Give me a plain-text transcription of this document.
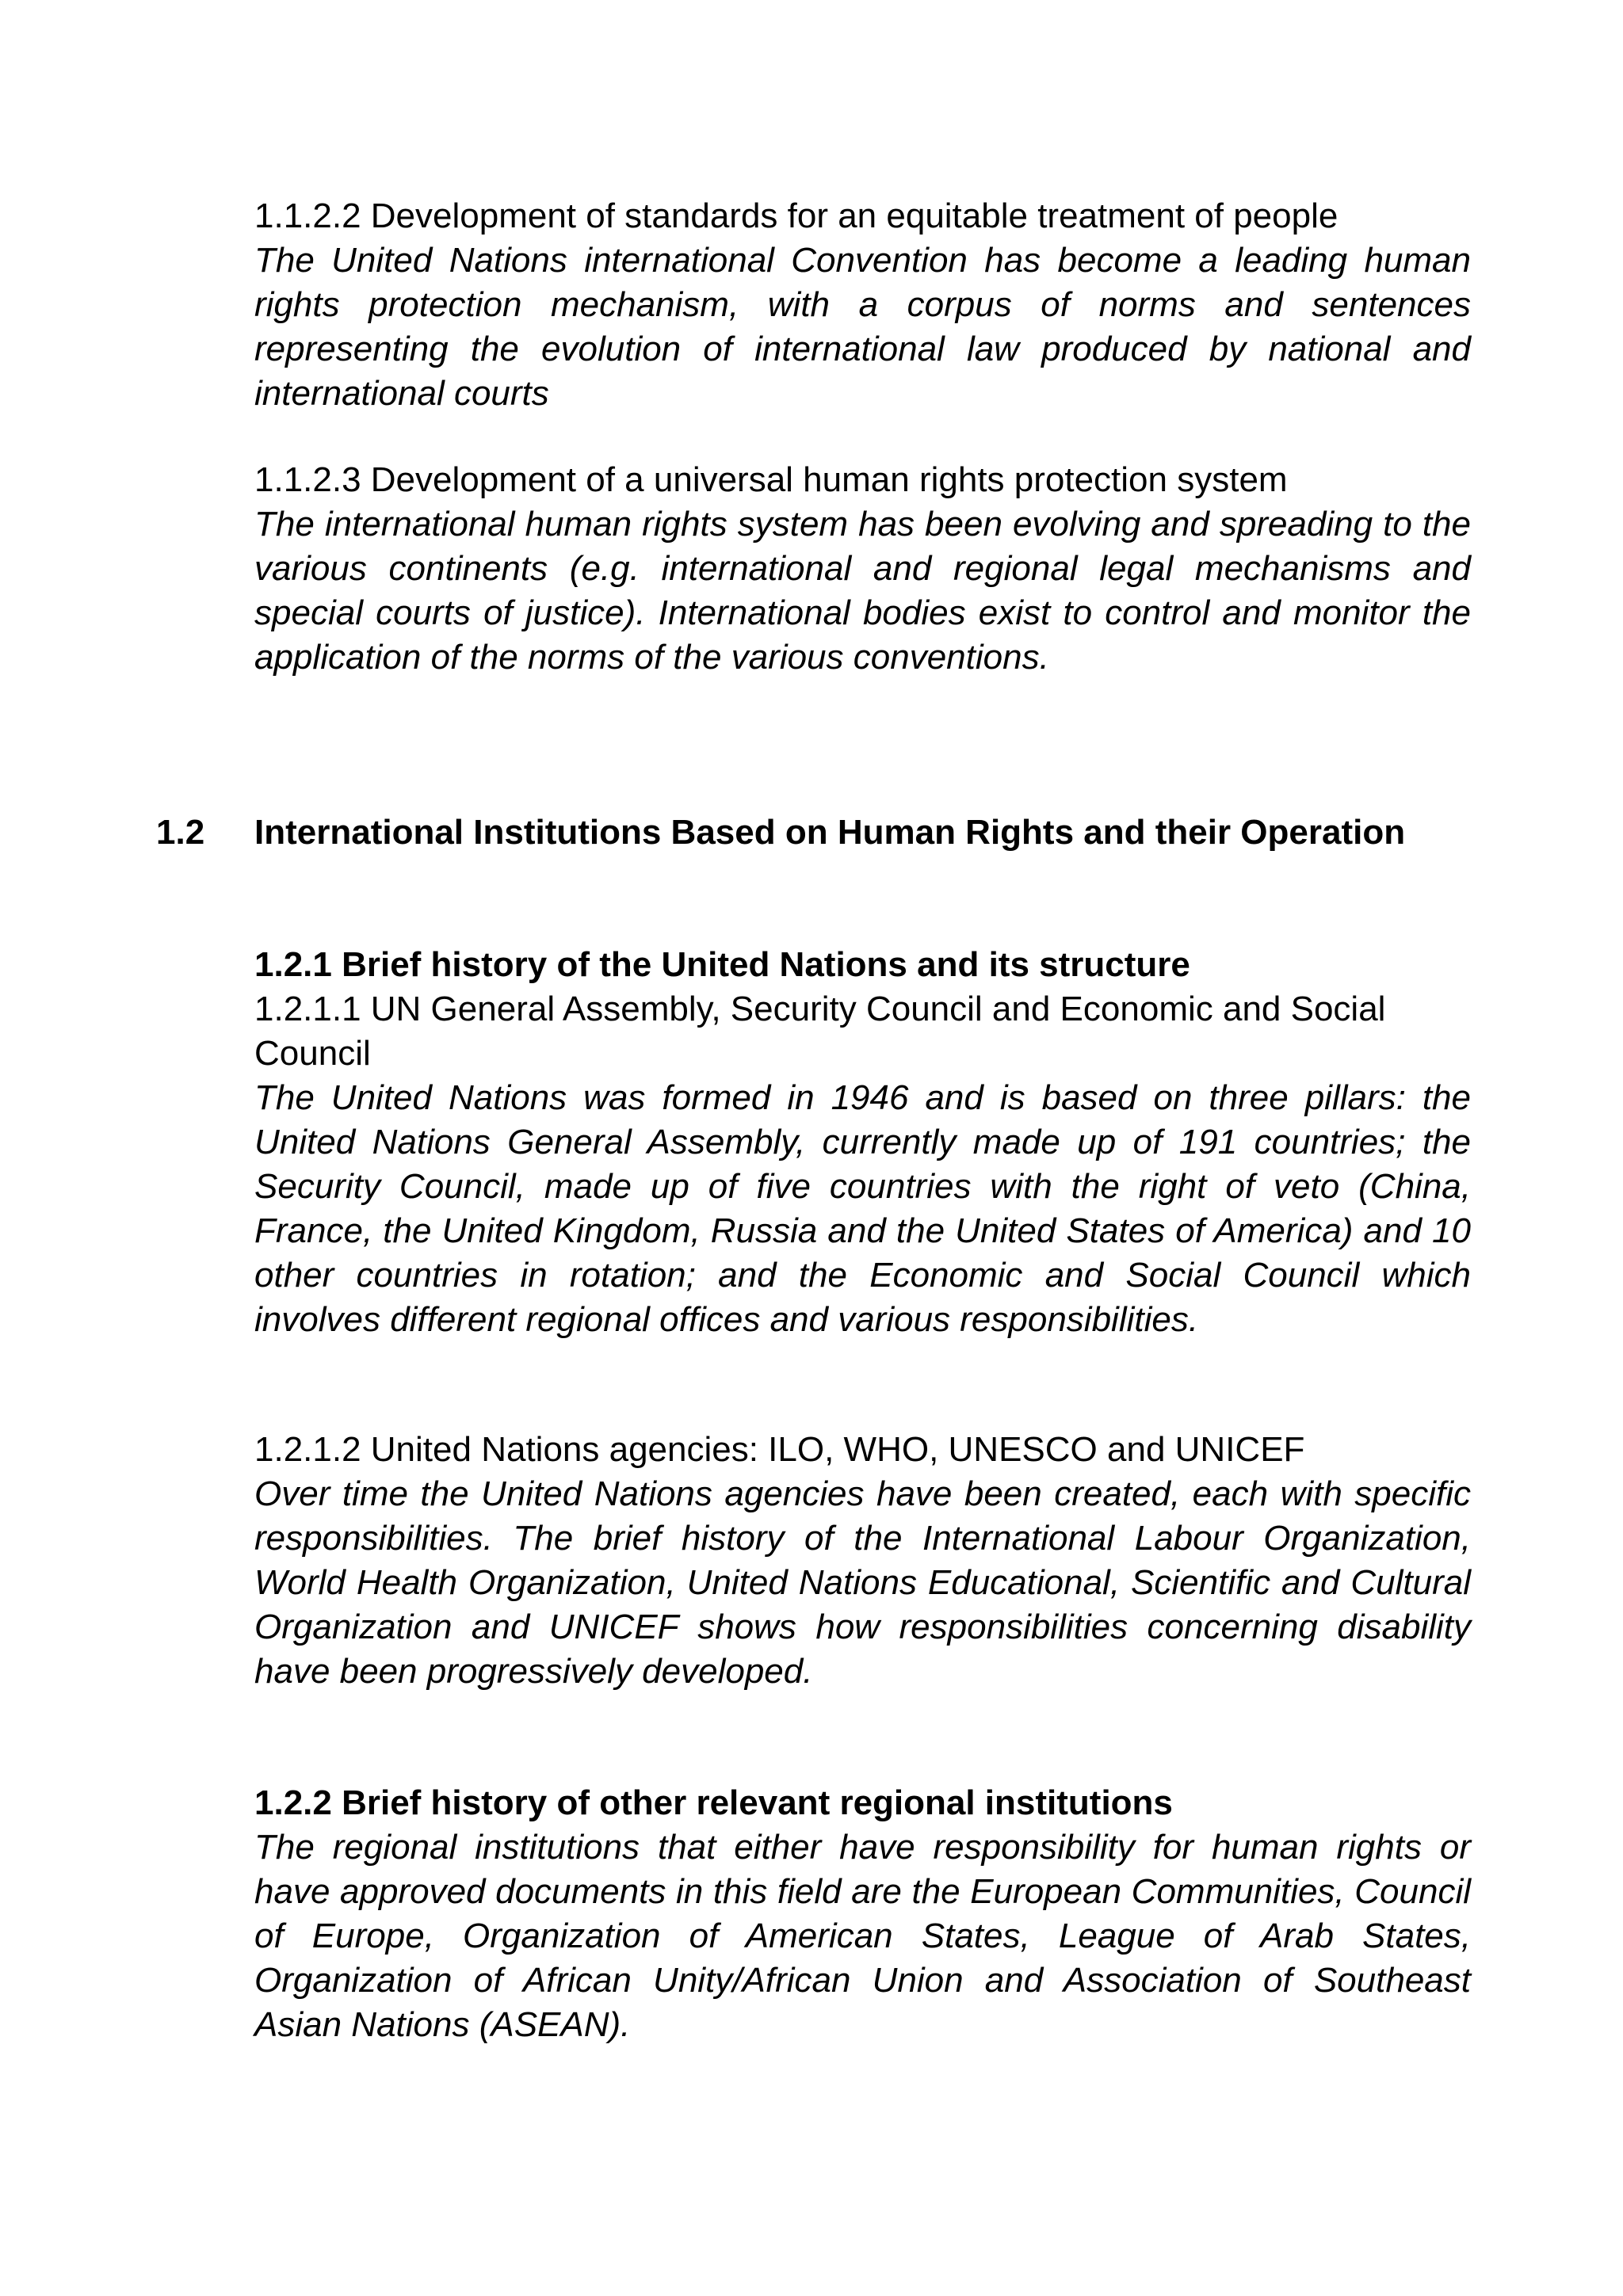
1.1.2.2 Development of standards for an equitable treatment of people

The United Nations international Convention has become a leading human rights protection mechanism, with a corpus of norms and sentences representing the evolution of international law produced by national and international courts

1.1.2.3 Development of a universal human rights protection system

The international human rights system has been evolving and spreading to the various continents (e.g. international and regional legal mechanisms and special courts of justice). International bodies exist to control and monitor the application of the norms of the various conventions.

1.2	International Institutions Based on Human Rights and their Operation

1.2.1 Brief history of the United Nations and its structure

1.2.1.1 UN General Assembly, Security Council and Economic and Social Council

The United Nations was formed in 1946 and is based on three pillars: the United Nations General Assembly, currently made up of 191 countries; the Security Council, made up of five countries with the right of veto (China, France, the United Kingdom, Russia and the United States of America) and 10 other countries in rotation; and the Economic and Social Council which involves different regional offices and various responsibilities.

1.2.1.2 United Nations agencies: ILO, WHO, UNESCO and UNICEF

Over time the United Nations agencies have been created, each with specific responsibilities. The brief history of the International Labour Organization, World Health Organization, United Nations Educational, Scientific and Cultural Organization and UNICEF shows how responsibilities concerning disability have been progressively developed.

1.2.2 Brief history of other relevant regional institutions

The regional institutions that either have responsibility for human rights or have approved documents in this field are the European Communities, Council of Europe, Organization of American States, League of Arab States, Organization of African Unity/African Union and Association of Southeast Asian Nations (ASEAN).
